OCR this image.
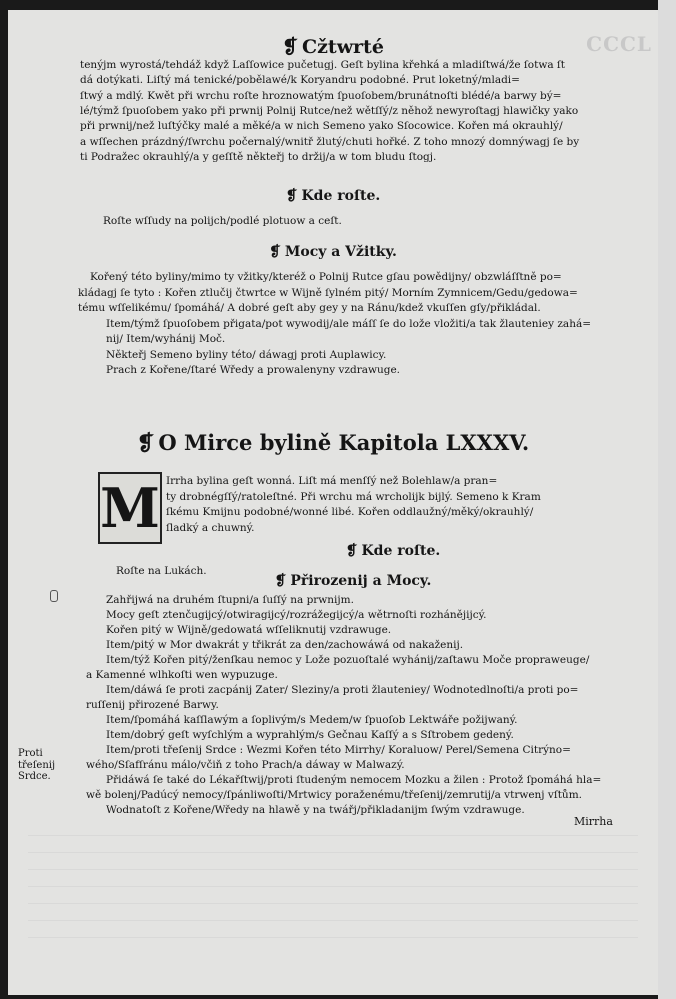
CCCL
❡ Cžtwrté
tenýjm wyrostá/tehdáž když Laſſowice pučetugj. Geſt bylina křehká a mladiſtwá/že ſotwa ſt
dá dotýkati. Liſtý má tenické/pobělawé/k Koryandru podobné. Prut loketný/mladi=
ſtwý a mdlý. Kwět při wrchu roſte hroznowatým ſpuoſobem/brunátnoſti blédé/a barwy bý=
lé/týmž ſpuoſobem yako při prwnij Polnij Rutce/než wětſſý/z něhož newyroſtagj hlawičky yako
při prwnij/než luſtýčky malé a měké/a w nich Semeno yako Sſocowice. Kořen má okrauhlý/
a wſſechen prázdný/ſwrchu počernalý/wnitř žlutý/chuti hořké. Z toho mnozý domnýwagj ſe by
ti Podražec okrauhlý/a y geſſtě někteřj to držij/a w tom bludu ſtogj.
❡ Kde roſte.
Roſte wſſudy na polijch/podlé plotuow a ceſt.
❡ Mocy a Vžitky.
Kořený této byliny/mimo ty vžitky/kteréž o Polnij Rutce gſau powědijny/ obzwláſſtně po=
kládagj ſe tyto : Kořen ztlučij čtwrtce w Wijně ſylném pitý/ Morním Zymnicem/Gedu/gedowa=
tému wſſelikému/ ſpomáhá/ A dobré geſt aby gey y na Ránu/kdež vkuſſen gſy/přikládal.
Item/týmž ſpuoſobem přigata/pot wywodij/ale máſſ ſe do lože vložiti/a tak žlauteniey zahá=
nij/ Item/wyhánij Moč.
Někteřj Semeno byliny této/ dáwagj proti Auplawicy.
Prach z Kořene/ſtaré Wředy a prowalenyny vzdrawuge.
❡ O Mirce bylině Kapitola LXXXV.
M Irrha bylina geſt wonná. Liſt má menſſý než Bolehlaw/a pran=
ty drobnégſſý/ratoleſtné. Při wrchu má wrcholijk bijlý. Semeno k Kram
ſkému Kmijnu podobné/wonné libé. Kořen oddlaužný/měký/okrauhlý/
ſladký a chuwný.
❡ Kde roſte.
Roſte na Lukách.
❡ Přirozenij a Mocy.
Zahřijwá na druhém ſtupni/a ſuſſý na prwnijm.
Mocy geſt ztenčugijcý/otwiragijcý/rozrážegijcý/a wětrnoſti rozhánějijcý.
Kořen pitý w Wijně/gedowatá wſſeliknutij vzdrawuge.
Item/pitý w Mor dwakrát y třikrát za den/zachowáwá od nakaženij.
Item/týž Kořen pitý/ženſkau nemoc y Lože pozuoſtalé wyhánij/zaſtawu Moče propraweuge/
a Kamenné wlhkoſti wen wypuzuge.
Item/dáwá ſe proti zacpánij Zater/ Sleziny/a proti žlauteniey/ Wodnotedlnoſti/a proti po=
ruſſenij přirozené Barwy.
Item/ſpomáhá kaſſlawým a ſoplivým/s Medem/w ſpuoſob Lektwáře požijwaný.
Item/dobrý geſt wyſchlým a wyprahlým/s Gečnau Kaſſý a s Sſtrobem gedený.
Item/proti třeſenij Srdce : Wezmi Kořen této Mirrhy/ Koraluow/ Perel/Semena Citrýno=
wého/Sſafſránu málo/včiň z toho Prach/a dáway w Malwazý.
Přidáwá ſe také do Lékařſtwij/proti ſtudeným nemocem Mozku a žilen : Protož ſpomáhá hla=
wě bolenj/Padúcý nemocy/ſpánliwoſti/Mrtwicy poraženému/třeſenij/zemrutij/a vtrwenj vſtům.
Wodnatoſt z Kořene/Wředy na hlawě y na twářj/přikladanijm ſwým vzdrawuge.
Proti třeſenij Srdce.
Mirrha
